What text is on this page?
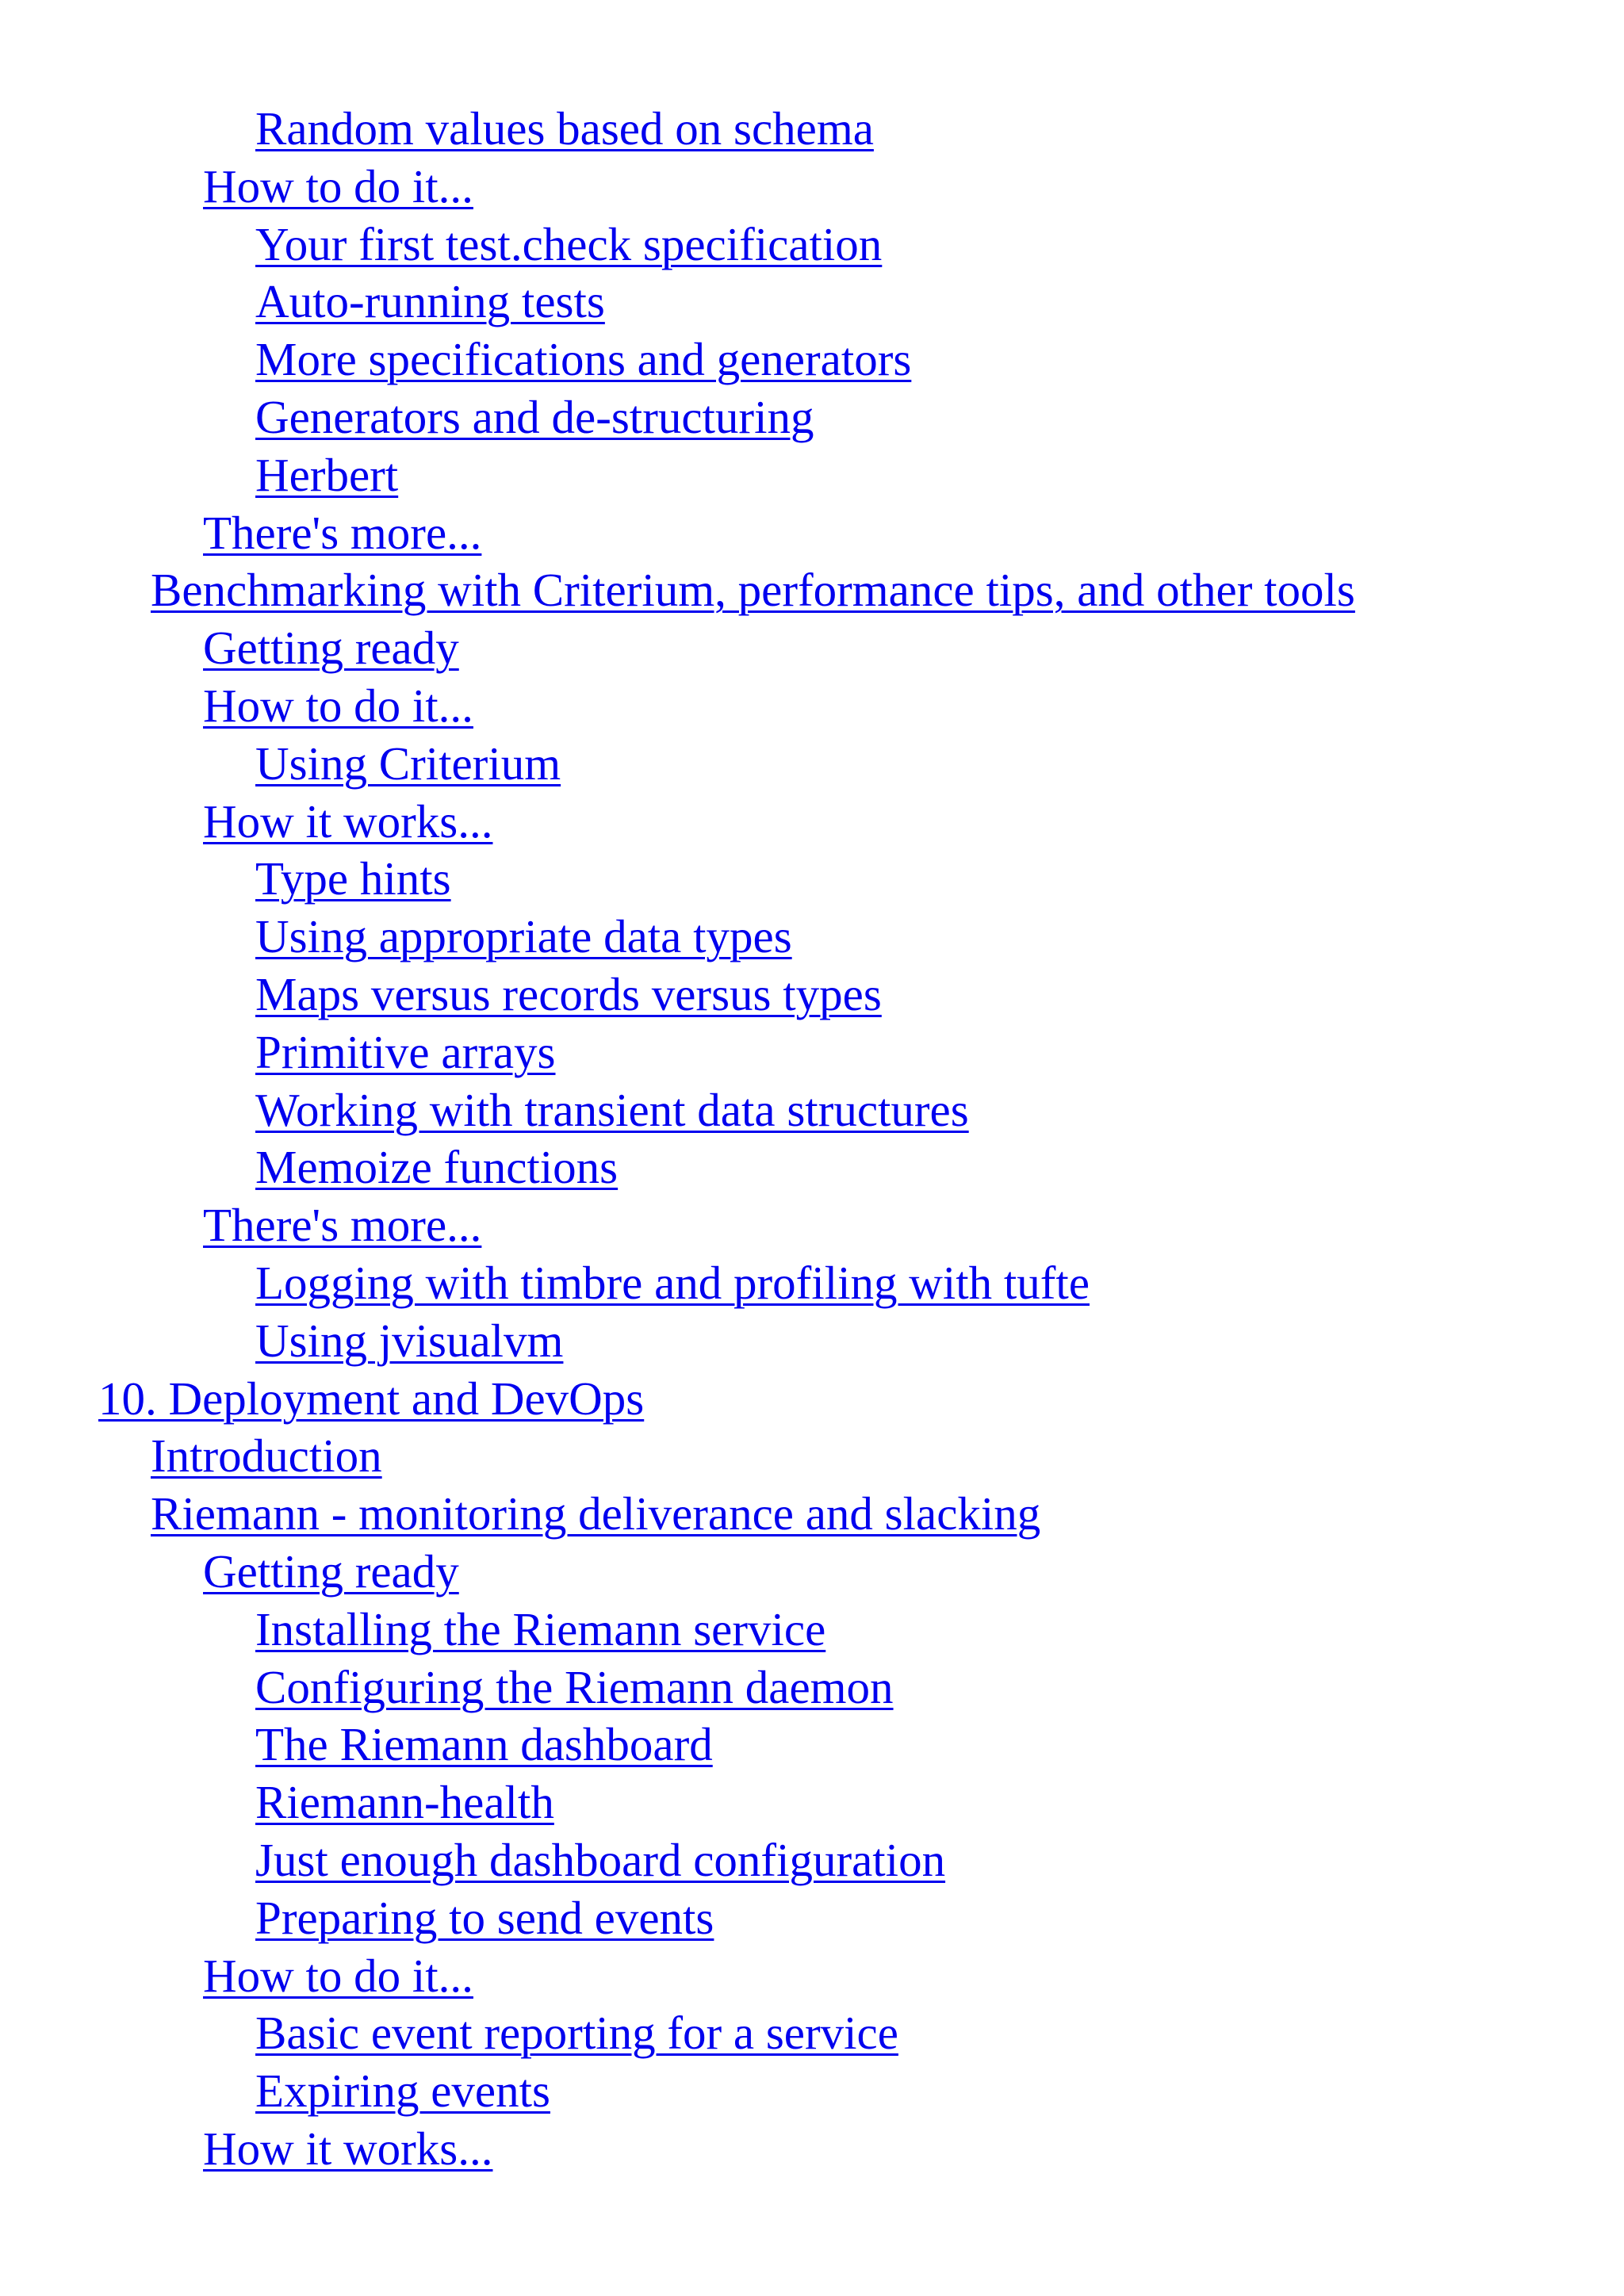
Random values based on schema
How to do it...
Your first test.check specification
Auto-running tests
More specifications and generators
Generators and de-structuring
Herbert
There's more...
Benchmarking with Criterium, performance tips, and other tools
Getting ready
How to do it...
Using Criterium
How it works...
Type hints
Using appropriate data types
Maps versus records versus types
Primitive arrays
Working with transient data structures
Memoize functions
There's more...
Logging with timbre and profiling with tufte
Using jvisualvm
10. Deployment and DevOps
Introduction
Riemann - monitoring deliverance and slacking
Getting ready
Installing the Riemann service
Configuring the Riemann daemon
The Riemann dashboard
Riemann-health
Just enough dashboard configuration
Preparing to send events
How to do it...
Basic event reporting for a service
Expiring events
How it works...
